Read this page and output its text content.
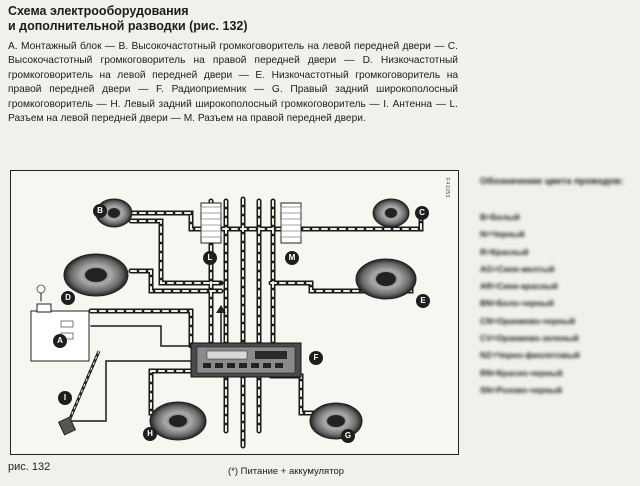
Схема электрооборудования
и дополнительной разводки (рис. 132)

A. Монтажный блок — B. Высокочастотный громкоговоритель на левой передней двери — C. Высокочастотный громкоговоритель на правой передней двери — D. Низкочастотный громкоговоритель на левой передней двери — E. Низкочастотный громкоговоритель на правой передней двери — F. Радиоприемник — G. Правый задний широкополосный громкоговоритель — H. Левый задний широкополосный громкоговоритель — I. Антенна — L. Разъем на левой передней двери — M. Разъем на правой передней двери.

B	C
D	E
A
F
L	M
I
H	G
F41053
рис. 132	(*) Питание + аккумулятор
Обозначение цвета проводов:
B=Белый
N=Черный
R=Красный
AG=Сине-желтый
AR=Сине-красный
BN=Бело-черный
CN=Оранжево-черный
CV=Оранжево-зеленый
NZ=Черно-фиолетовый
RN=Красно-черный
SN=Розово-черный
